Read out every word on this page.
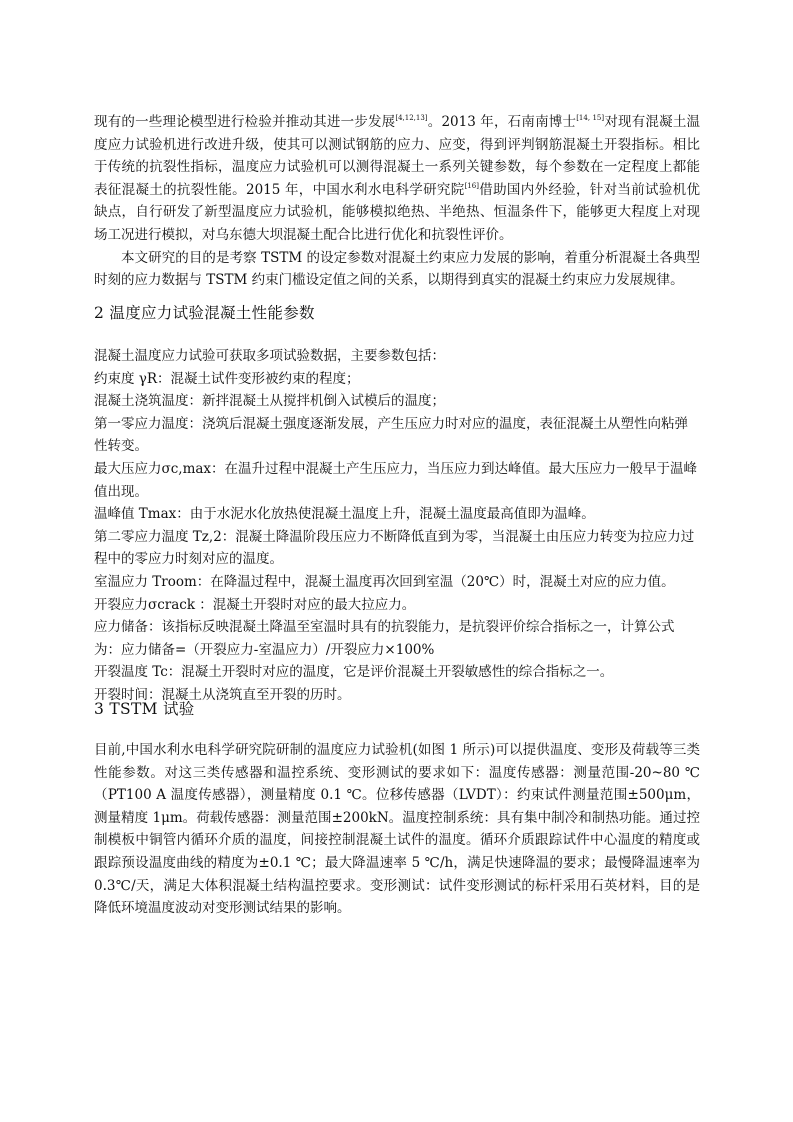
现有的一些理论模型进行检验并推动其进一步发展[4,12,13]。2013 年，石南南博士[14, 15]对现有混凝土温度应力试验机进行改进升级，使其可以测试钢筋的应力、应变，得到评判钢筋混凝土开裂指标。相比于传统的抗裂性指标，温度应力试验机可以测得混凝土一系列关键参数，每个参数在一定程度上都能表征混凝土的抗裂性能。2015 年，中国水利水电科学研究院[16]借助国内外经验，针对当前试验机优缺点，自行研发了新型温度应力试验机，能够模拟绝热、半绝热、恒温条件下，能够更大程度上对现场工况进行模拟，对乌东德大坝混凝土配合比进行优化和抗裂性评价。

本文研究的目的是考察 TSTM 的设定参数对混凝土约束应力发展的影响，着重分析混凝土各典型时刻的应力数据与 TSTM 约束门槛设定值之间的关系，以期得到真实的混凝土约束应力发展规律。

2 温度应力试验混凝土性能参数

混凝土温度应力试验可获取多项试验数据，主要参数包括：

约束度 γR：混凝土试件变形被约束的程度；

混凝土浇筑温度：新拌混凝土从搅拌机倒入试模后的温度；

第一零应力温度：浇筑后混凝土强度逐渐发展，产生压应力时对应的温度，表征混凝土从塑性向粘弹性转变。

最大压应力σc,max：在温升过程中混凝土产生压应力，当压应力到达峰值。最大压应力一般早于温峰值出现。

温峰值 Tmax：由于水泥水化放热使混凝土温度上升，混凝土温度最高值即为温峰。

第二零应力温度 Tz,2：混凝土降温阶段压应力不断降低直到为零，当混凝土由压应力转变为拉应力过程中的零应力时刻对应的温度。

室温应力 Troom：在降温过程中，混凝土温度再次回到室温（20℃）时，混凝土对应的应力值。

开裂应力σcrack ：混凝土开裂时对应的最大拉应力。

应力储备：该指标反映混凝土降温至室温时具有的抗裂能力，是抗裂评价综合指标之一，计算公式为：应力储备=（开裂应力-室温应力）/开裂应力×100%

开裂温度 Tc：混凝土开裂时对应的温度，它是评价混凝土开裂敏感性的综合指标之一。

开裂时间：混凝土从浇筑直至开裂的历时。

3 TSTM 试验

目前,中国水利水电科学研究院研制的温度应力试验机(如图 1 所示)可以提供温度、变形及荷载等三类性能参数。对这三类传感器和温控系统、变形测试的要求如下：温度传感器：测量范围-20~80 ℃（PT100 A 温度传感器），测量精度 0.1 ℃。位移传感器（LVDT）：约束试件测量范围±500μm，测量精度 1μm。荷载传感器：测量范围±200kN。温度控制系统：具有集中制冷和制热功能。通过控制模板中铜管内循环介质的温度，间接控制混凝土试件的温度。循环介质跟踪试件中心温度的精度或跟踪预设温度曲线的精度为±0.1 ℃；最大降温速率 5 ℃/h，满足快速降温的要求；最慢降温速率为 0.3℃/天，满足大体积混凝土结构温控要求。变形测试：试件变形测试的标杆采用石英材料，目的是降低环境温度波动对变形测试结果的影响。
